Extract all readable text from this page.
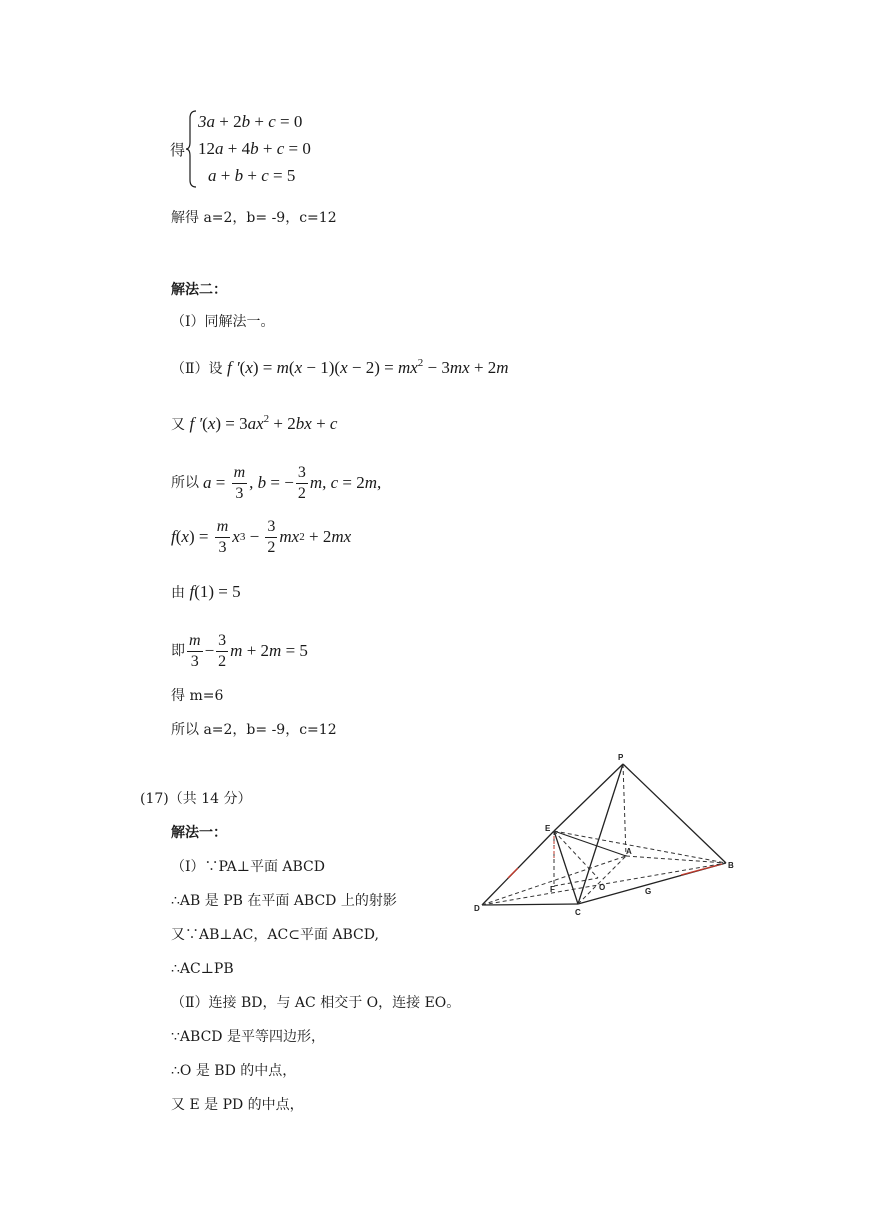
得
3a + 2b + c = 0
12a + 4b + c = 0
a + b + c = 5
解得 a=2，b= -9，c=12
解法二：
（Ⅰ）同解法一。
（Ⅱ）设 f $'(x) = m(x - 1)(x - 2) = mx^2 - 3mx + 2m$
又 f $'(x) = 3ax^2 + 2bx + c$
所以 $a = \frac{m}{3}$ , b = − $\frac{3}{2}$ m , c = 2 m ,
f ( x ) = $\frac{m}{3}$ x $3 - \frac{3}{2}$ mx 2 + 2 mx
由 f(1) = 5
即 $\frac{m}{3} - \frac{3}{2}$ m + 2 m = 5
得 m=6
所以 a=2，b= -9，c=12
(17)（共 14 分）
解法一：
（Ⅰ）∵PA⊥平面 ABCD
∴AB 是 PB 在平面 ABCD 上的射影
又∵AB⊥AC，AC⊂平面 ABCD,
∴AC⊥PB
（Ⅱ）连接 BD，与 AC 相交于 O，连接 EO。
∵ABCD 是平等四边形，
∴O 是 BD 的中点，
又 E 是 PD 的中点，
P
E
A
B
D
F	O
C
G
